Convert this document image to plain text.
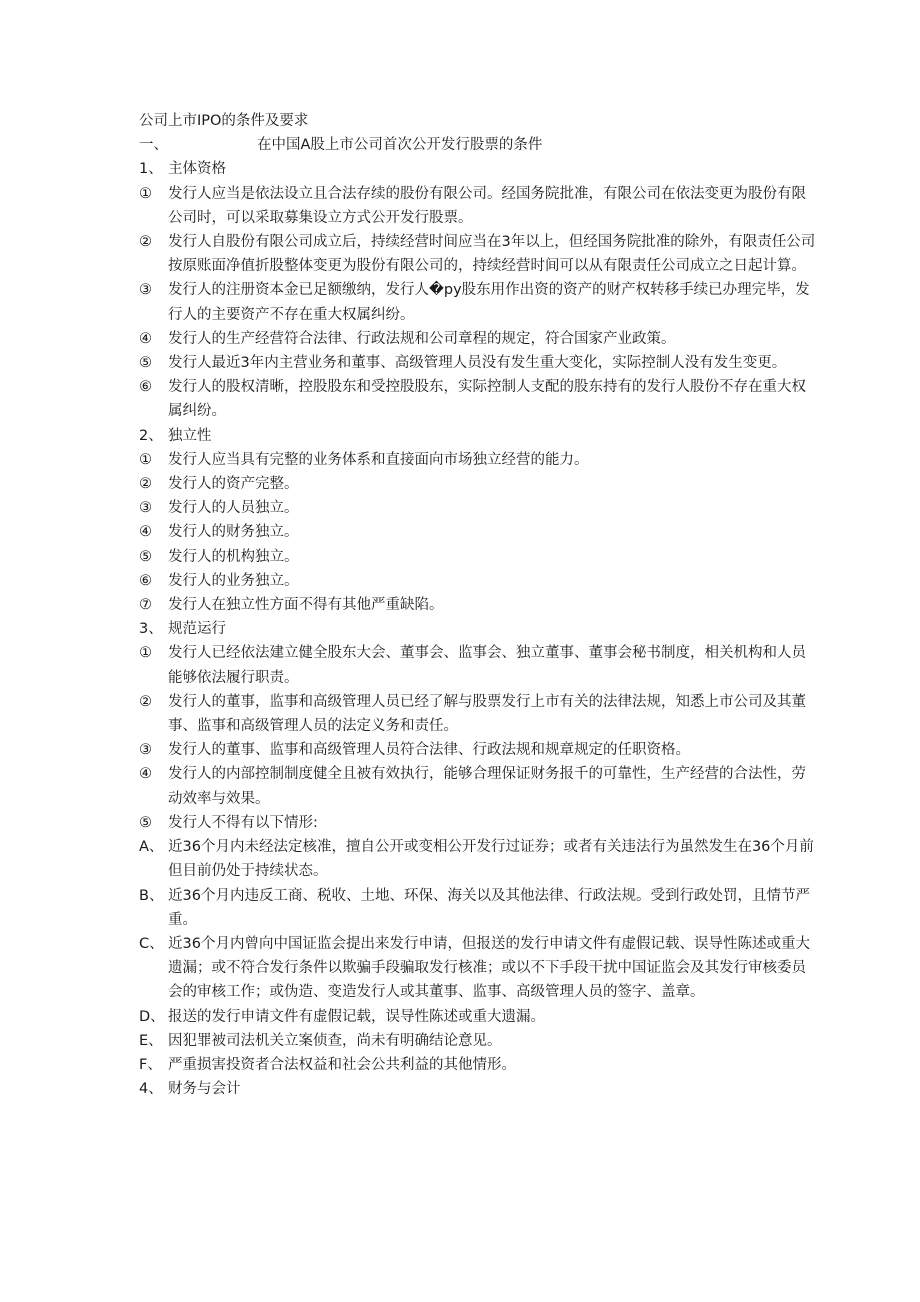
公司上市IPO的条件及要求

一、	在中国A股上市公司首次公开发行股票的条件
1、 主体资格
①	发行人应当是依法设立且合法存续的股份有限公司。经国务院批准，有限公司在依法变更为股份有限公司时，可以采取募集设立方式公开发行股票。
②	发行人自股份有限公司成立后，持续经营时间应当在3年以上，但经国务院批准的除外，有限责任公司按原账面净值折股整体变更为股份有限公司的，持续经营时间可以从有限责任公司成立之日起计算。
③	发行人的注册资本金已足额缴纳，发行人�py股东用作出资的资产的财产权转移手续已办理完毕，发行人的主要资产不存在重大权属纠纷。
④	发行人的生产经营符合法律、行政法规和公司章程的规定，符合国家产业政策。
⑤	发行人最近3年内主营业务和董事、高级管理人员没有发生重大变化，实际控制人没有发生变更。
⑥	发行人的股权清晰，控股股东和受控股股东，实际控制人支配的股东持有的发行人股份不存在重大权属纠纷。
2、 独立性
①	发行人应当具有完整的业务体系和直接面向市场独立经营的能力。
②	发行人的资产完整。
③	发行人的人员独立。
④	发行人的财务独立。
⑤	发行人的机构独立。
⑥	发行人的业务独立。
⑦	发行人在独立性方面不得有其他严重缺陷。
3、 规范运行
①	发行人已经依法建立健全股东大会、董事会、监事会、独立董事、董事会秘书制度，相关机构和人员能够依法履行职责。
②	发行人的董事，监事和高级管理人员已经了解与股票发行上市有关的法律法规，知悉上市公司及其董事、监事和高级管理人员的法定义务和责任。
③	发行人的董事、监事和高级管理人员符合法律、行政法规和规章规定的任职资格。
④	发行人的内部控制制度健全且被有效执行，能够合理保证财务报千的可靠性，生产经营的合法性，劳动效率与效果。
⑤	发行人不得有以下情形:
A、 近36个月内未经法定核准，擅自公开或变相公开发行过证券；或者有关违法行为虽然发生在36个月前但目前仍处于持续状态。
B、 近36个月内违反工商、税收、土地、环保、海关以及其他法律、行政法规。受到行政处罚，且情节严重。
C、 近36个月内曾向中国证监会提出来发行申请，但报送的发行申请文件有虚假记载、误导性陈述或重大遗漏；或不符合发行条件以欺骗手段骗取发行核准；或以不下手段干扰中国证监会及其发行审核委员会的审核工作；或伪造、变造发行人或其董事、监事、高级管理人员的签字、盖章。
D、 报送的发行申请文件有虚假记载，误导性陈述或重大遗漏。
E、 因犯罪被司法机关立案侦查，尚未有明确结论意见。
F、 严重损害投资者合法权益和社会公共利益的其他情形。
4、 财务与会计
